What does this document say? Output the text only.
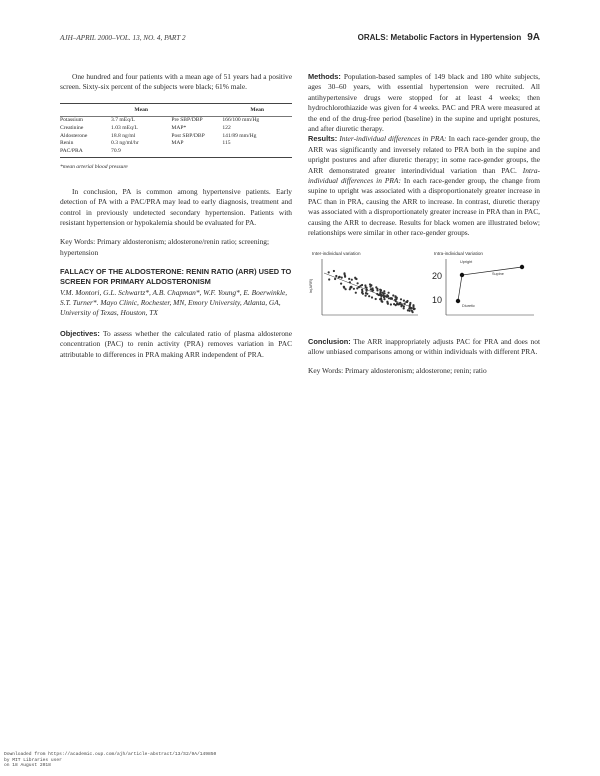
AJH–APRIL 2000–VOL. 13, NO. 4, PART 2	ORALS: Metabolic Factors in Hypertension 9A

One hundred and four patients with a mean age of 51 years had a positive screen. Sixty-six percent of the subjects were black; 61% male.

	Mean		Mean
Potassium	3.7 mEq/L	Pre SBP/DBP	166/100 mm/Hg
Creatinine	1.03 mEq/L	MAP*	122
Aldosterone	18.8 ng/ml	Post SBP/DBP	141/89 mm/Hg
Renin	0.3 ng/ml/hr	MAP	115
PAC/PRA	70.9		
*mean arterial blood pressure

In conclusion, PA is common among hypertensive patients. Early detection of PA with a PAC/PRA may lead to early diagnosis, treatment and control in previously undetected secondary hypertension. Patients with resistant hypertension or hypokalemia should be evaluated for PA.

Key Words: Primary aldosteronism; aldosterone/renin ratio; screening; hypertension

FALLACY OF THE ALDOSTERONE: RENIN RATIO (ARR) USED TO SCREEN FOR PRIMARY ALDOSTERONISM

V.M. Montori, G.L. Schwartz*, A.B. Chapman*, W.F. Young*, E. Boerwinkle, S.T. Turner*. Mayo Clinic, Rochester, MN, Emory University, Atlanta, GA, University of Texas, Houston, TX

Objectives: To assess whether the calculated ratio of plasma aldosterone concentration (PAC) to renin activity (PRA) removes variation in PAC attributable to differences in PRA making ARR independent of PRA.

Methods: Population-based samples of 149 black and 180 white subjects, ages 30–60 years, with essential hypertension were recruited. All antihypertensive drugs were stopped for at least 4 weeks; then hydrochlorothiazide was given for 4 weeks. PAC and PRA were measured at the end of the drug-free period (baseline) in the supine and upright postures, and after diuretic therapy.

Results: Inter-individual differences in PRA: In each race-gender group, the ARR was significantly and inversely related to PRA both in the supine and upright postures and after diuretic therapy; in some race-gender groups, the ARR demonstrated greater interindividual variation than PAC. Intra-individual differences in PRA: In each race-gender group, the change from supine to upright was associated with a disproportionately greater increase in PAC than in PRA, causing the ARR to increase. In contrast, diuretic therapy was associated with a disproportionately greater increase in PRA than in PAC, causing the ARR to decrease. Results for black women are illustrated below; relationships were similar in other race-gender groups.

Inter-individual variation
ln(ARR)
Intra-individual Variation
20
10
Upright
Supine
Diuretic

Conclusion: The ARR inappropriately adjusts PAC for PRA and does not allow unbiased comparisons among or within individuals with different PRA.

Key Words: Primary aldosteronism; aldosterone; renin; ratio

Downloaded from https://academic.oup.com/ajh/article-abstract/13/S2/9A/149850
by MIT Libraries user
on 18 August 2018
